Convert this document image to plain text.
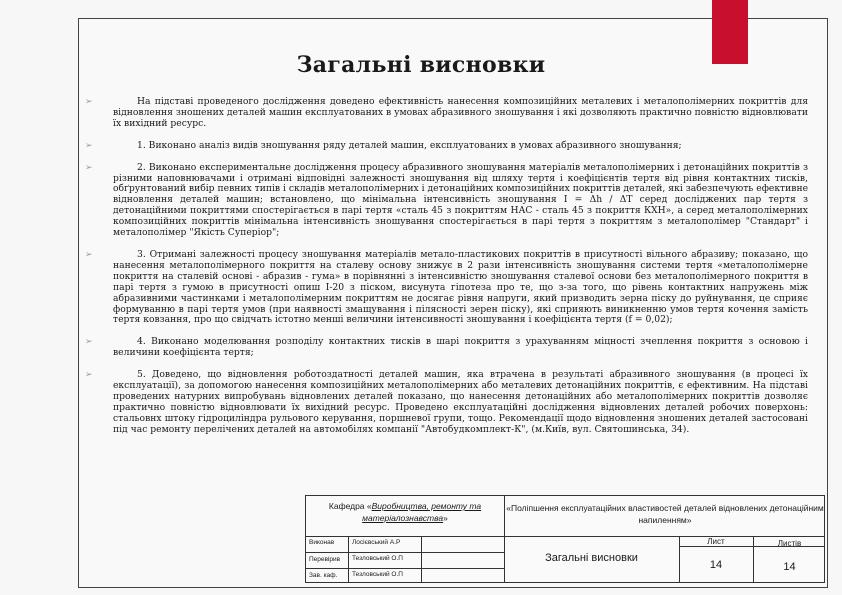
Загальні висновки

➢	На підставі проведеного дослідження доведено ефективність нанесення композиційних металевих і металополімерних покриттів для відновлення зношених деталей машин експлуатованих в умовах абразивного зношування і які дозволяють практично повністю відновлювати їх вихідний ресурс.

➢	1. Виконано аналіз видів зношування ряду деталей машин, експлуатованих в умовах абразивного зношування;

➢	2. Виконано експериментальне дослідження процесу абразивного зношування матеріалів металополімерних і детонаційних покриттів з різними наповнювачами і отримані відповідні залежності зношування від шляху тертя і коефіцієнтів тертя від рівня контактних тисків, обґрунтований вибір певних типів і складів металополімерних і детонаційних композиційних покриттів деталей, які забезпечують ефективне відновлення деталей машин; встановлено, що мінімальна інтенсивність зношування І = Δh / ΔТ серед досліджених пар тертя з детонаційними покриттями спостерігається в парі тертя «сталь 45 з покриттям НАС - сталь 45 з покриття КХН», а серед металополімерних композиційних покриттів мінімальна інтенсивність зношування спостерігається в парі тертя з покриттям з металополімер "Стандарт" і металополімер "Якість Суперіор";

➢	3. Отримані залежності процесу зношування матеріалів метало-пластикових покриттів в присутності вільного абразиву; показано, що нанесення металополімерного покриття на сталеву основу знижує в 2 рази інтенсивність зношування системи тертя «металополімерне покриття на сталевій основі - абразив - гума» в порівнянні з інтенсивністю зношування сталевої основи без металополімерного покриття в парі тертя з гумою в присутності опиш І-20 з піском, висунута гіпотеза про те, що з-за того, що рівень контактних напружень між абразивними частинками і металополімерним покриттям не досягає рівня напруги, який призводить зерна піску до руйнування, це сприяє формуванню в парі тертя умов (при наявності змащування і пілясності зерен піску), які сприяють виникненню умов тертя кочення замість тертя ковзання, про що свідчать істотно менші величини інтенсивності зношування і коефіцієнта тертя (f = 0,02);

➢	4. Виконано моделювання розподілу контактних тисків в шарі покриття з урахуванням міцності зчеплення покриття з основою і величини коефіцієнта тертя;

➢	5. Доведено, що відновлення роботоздатності деталей машин, яка втрачена в результаті абразивного зношування (в процесі їх експлуатації), за допомогою нанесення композиційних металополімерних або металевих детонаційних покриттів, є ефективним. На підставі проведених натурних випробувань відновлених деталей показано, що нанесення детонаційних або металополімерних покриттів дозволяє практично повністю відновлювати їх вихідний ресурс. Проведено експлуатаційні дослідження відновлених деталей робочих поверхонь: стальовнх штоку гідроциліндра рульового керування, поршневої групи, тощо. Рекомендації щодо відновлення зношених деталей застосовані під час ремонту перелічених деталей на автомобілях компанії "Автобудкомплект-К", (м.Київ, вул. Святошинська, 34).

Кафедра «Виробництва, ремонту та матеріалознавства»
«Поліпшення експлуатаційних властивостей деталей відновлених детонаційним напиленням»
Виконав	Лосієвський А.Р
Перевірив Тезловський О.П
Зав. каф. Тезловський О.П
Загальні висновки
Лист	Листів
14	14
